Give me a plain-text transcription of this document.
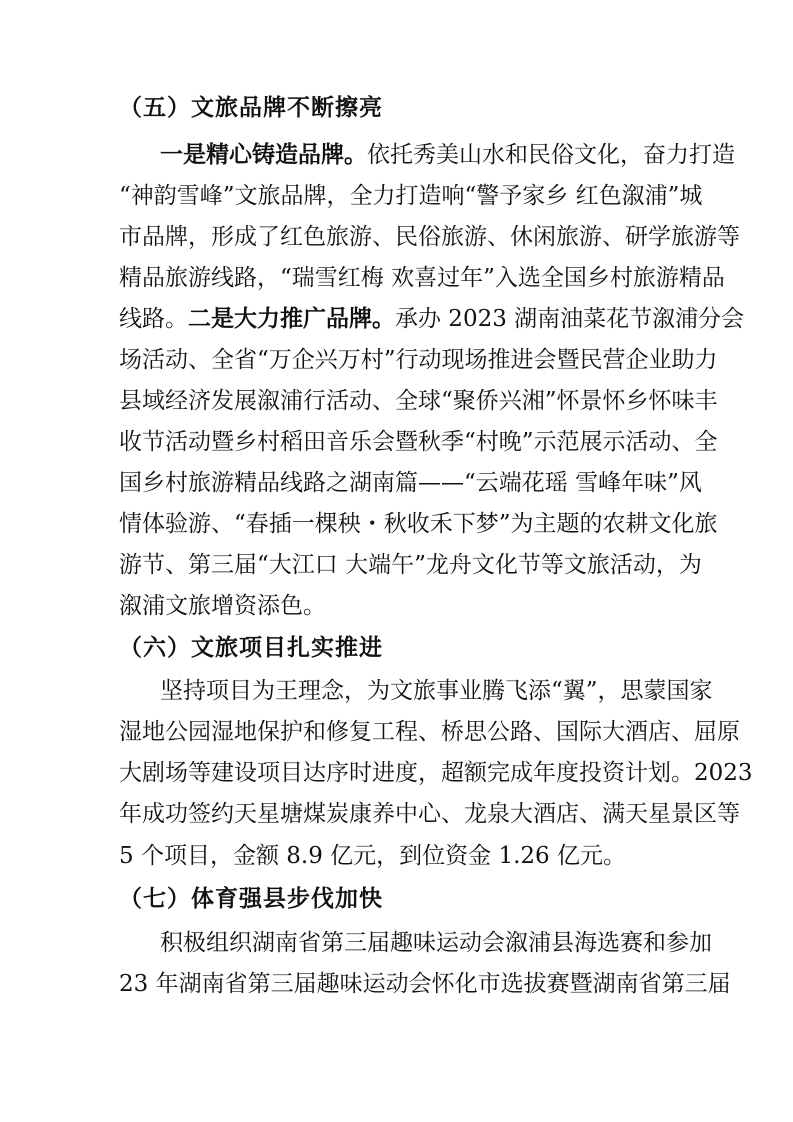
（五）文旅品牌不断擦亮
一是精心铸造品牌。依托秀美山水和民俗文化，奋力打造
“神韵雪峰”文旅品牌，全力打造响“警予家乡 红色溆浦”城
市品牌，形成了红色旅游、民俗旅游、休闲旅游、研学旅游等
精品旅游线路，“瑞雪红梅 欢喜过年”入选全国乡村旅游精品
线路。二是大力推广品牌。承办 2023 湖南油菜花节溆浦分会
场活动、全省“万企兴万村”行动现场推进会暨民营企业助力
县域经济发展溆浦行活动、全球“聚侨兴湘”怀景怀乡怀味丰
收节活动暨乡村稻田音乐会暨秋季“村晚”示范展示活动、全
国乡村旅游精品线路之湖南篇——“云端花瑶 雪峰年味”风
情体验游、“春插一棵秧・秋收禾下梦”为主题的农耕文化旅
游节、第三届“大江口 大端午”龙舟文化节等文旅活动，为
溆浦文旅增资添色。
（六）文旅项目扎实推进
坚持项目为王理念，为文旅事业腾飞添“翼”，思蒙国家
湿地公园湿地保护和修复工程、桥思公路、国际大酒店、屈原
大剧场等建设项目达序时进度，超额完成年度投资计划。2023
年成功签约天星塘煤炭康养中心、龙泉大酒店、满天星景区等
5 个项目，金额 8.9 亿元，到位资金 1.26 亿元。
（七）体育强县步伐加快
积极组织湖南省第三届趣味运动会溆浦县海选赛和参加
23 年湖南省第三届趣味运动会怀化市选拔赛暨湖南省第三届
